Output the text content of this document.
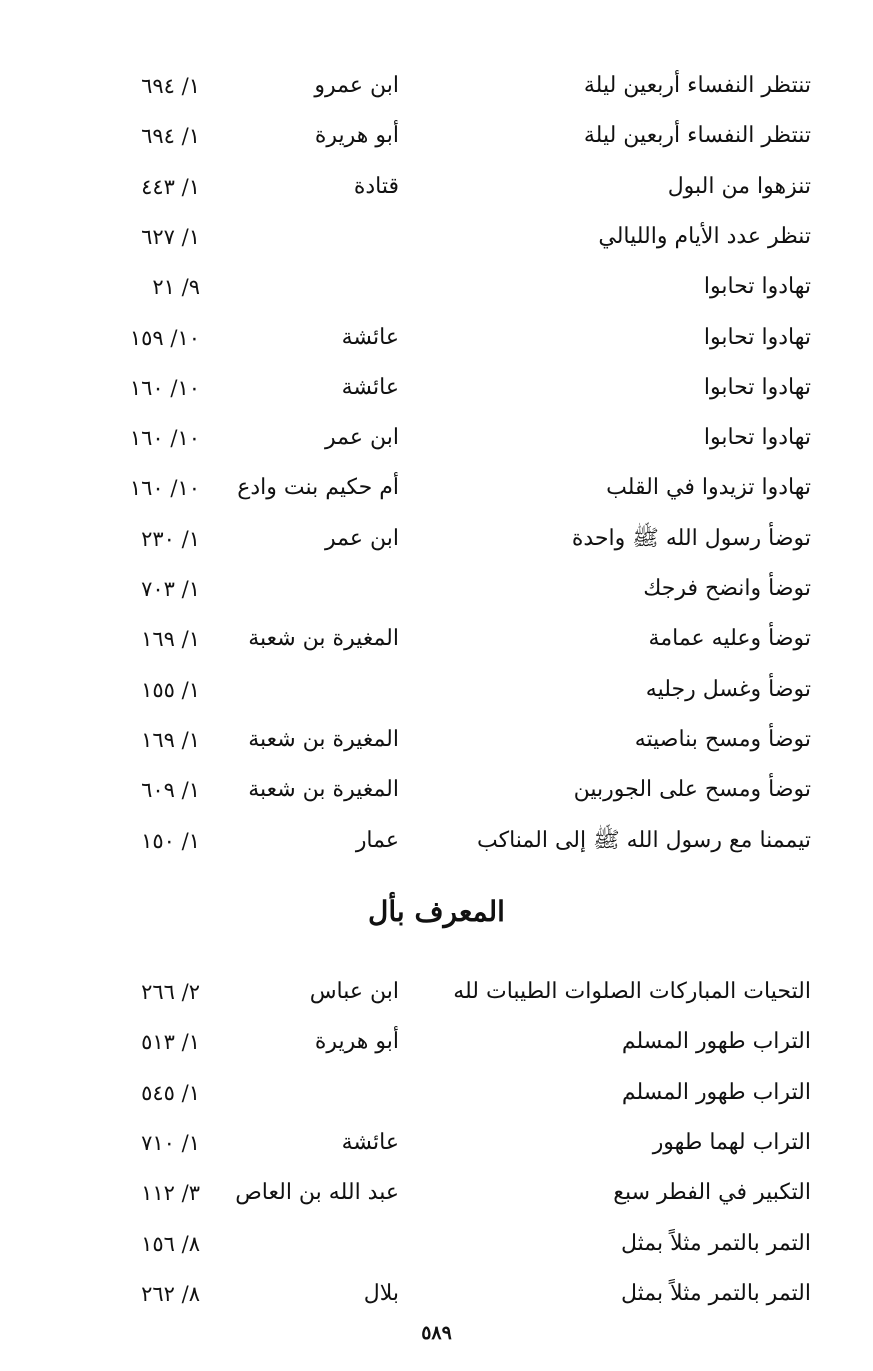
تنتظر النفساء أربعين ليلة
ابن عمرو
١/ ٦٩٤
تنتظر النفساء أربعين ليلة
أبو هريرة
١/ ٦٩٤
تنزهوا من البول
قتادة
١/ ٤٤٣
تنظر عدد الأيام والليالي
١/ ٦٢٧
تهادوا تحابوا
٩/ ٢١
تهادوا تحابوا
عائشة
١٠/ ١٥٩
تهادوا تحابوا
عائشة
١٠/ ١٦٠
تهادوا تحابوا
ابن عمر
١٠/ ١٦٠
تهادوا تزيدوا في القلب
أم حكيم بنت وادع
١٠/ ١٦٠
توضأ رسول الله ﷺ واحدة
ابن عمر
١/ ٢٣٠
توضأ وانضح فرجك
١/ ٧٠٣
توضأ وعليه عمامة
المغيرة بن شعبة
١/ ١٦٩
توضأ وغسل رجليه
١/ ١٥٥
توضأ ومسح بناصيته
المغيرة بن شعبة
١/ ١٦٩
توضأ ومسح على الجوربين
المغيرة بن شعبة
١/ ٦٠٩
تيممنا مع رسول الله ﷺ إلى المناكب
عمار
١/ ١٥٠
المعرف بأل
التحيات المباركات الصلوات الطيبات لله
ابن عباس
٢/ ٢٦٦
التراب طهور المسلم
أبو هريرة
١/ ٥١٣
التراب طهور المسلم
١/ ٥٤٥
التراب لهما طهور
عائشة
١/ ٧١٠
التكبير في الفطر سبع
عبد الله بن العاص
٣/ ١١٢
التمر بالتمر مثلاً بمثل
٨/ ١٥٦
التمر بالتمر مثلاً بمثل
بلال
٨/ ٢٦٢
٥٨٩
